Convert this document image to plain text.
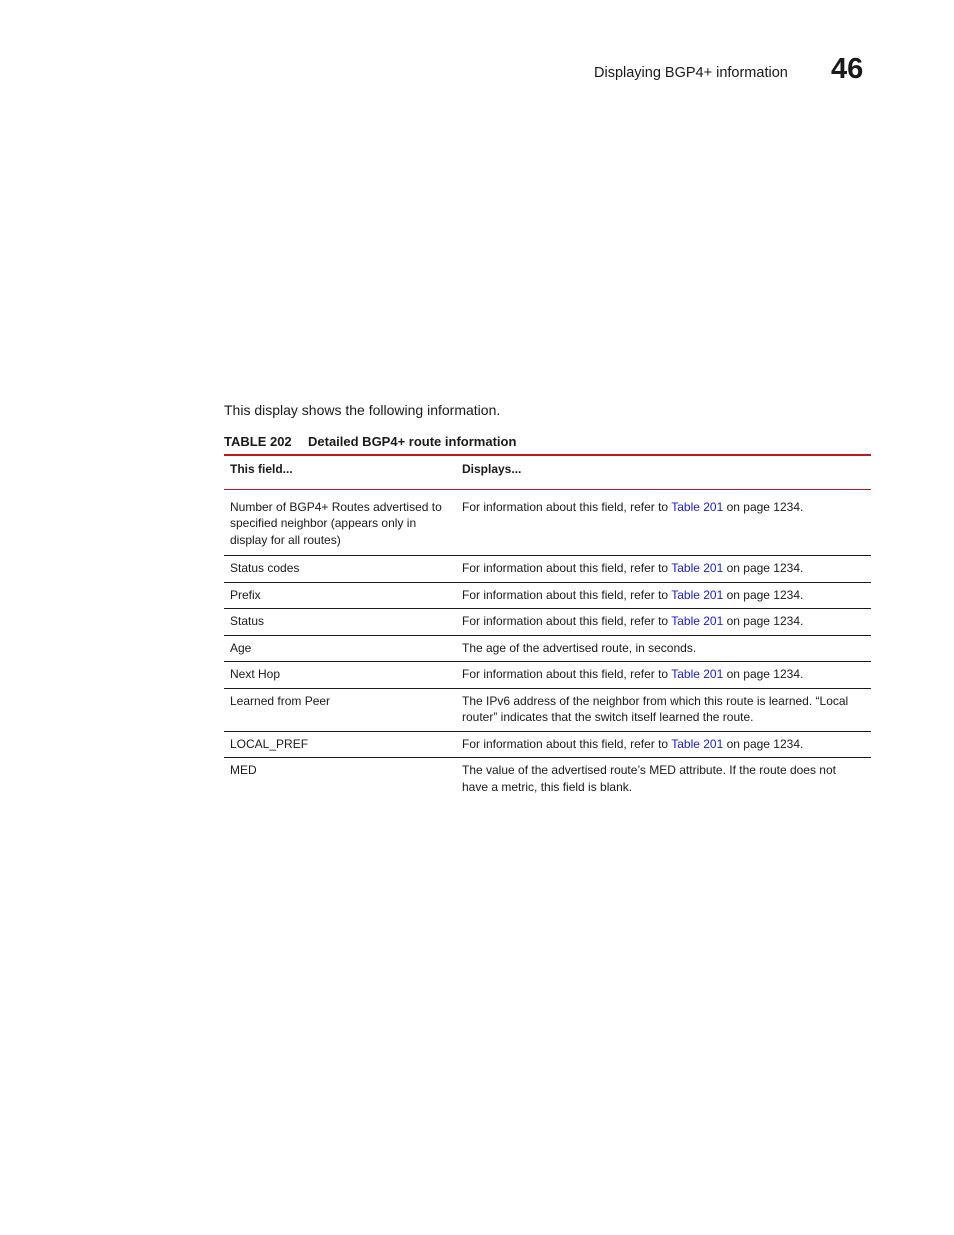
Displaying BGP4+ information 46
This display shows the following information.
TABLE 202 Detailed BGP4+ route information
This field...	Displays...
Number of BGP4+ Routes advertised to specified neighbor (appears only in display for all routes)	For information about this field, refer to Table 201 on page 1234.
Status codes	For information about this field, refer to Table 201 on page 1234.
Prefix	For information about this field, refer to Table 201 on page 1234.
Status	For information about this field, refer to Table 201 on page 1234.
Age	The age of the advertised route, in seconds.
Next Hop	For information about this field, refer to Table 201 on page 1234.
Learned from Peer	The IPv6 address of the neighbor from which this route is learned. “Local router” indicates that the switch itself learned the route.
LOCAL_PREF	For information about this field, refer to Table 201 on page 1234.
MED	The value of the advertised route’s MED attribute. If the route does not have a metric, this field is blank.
